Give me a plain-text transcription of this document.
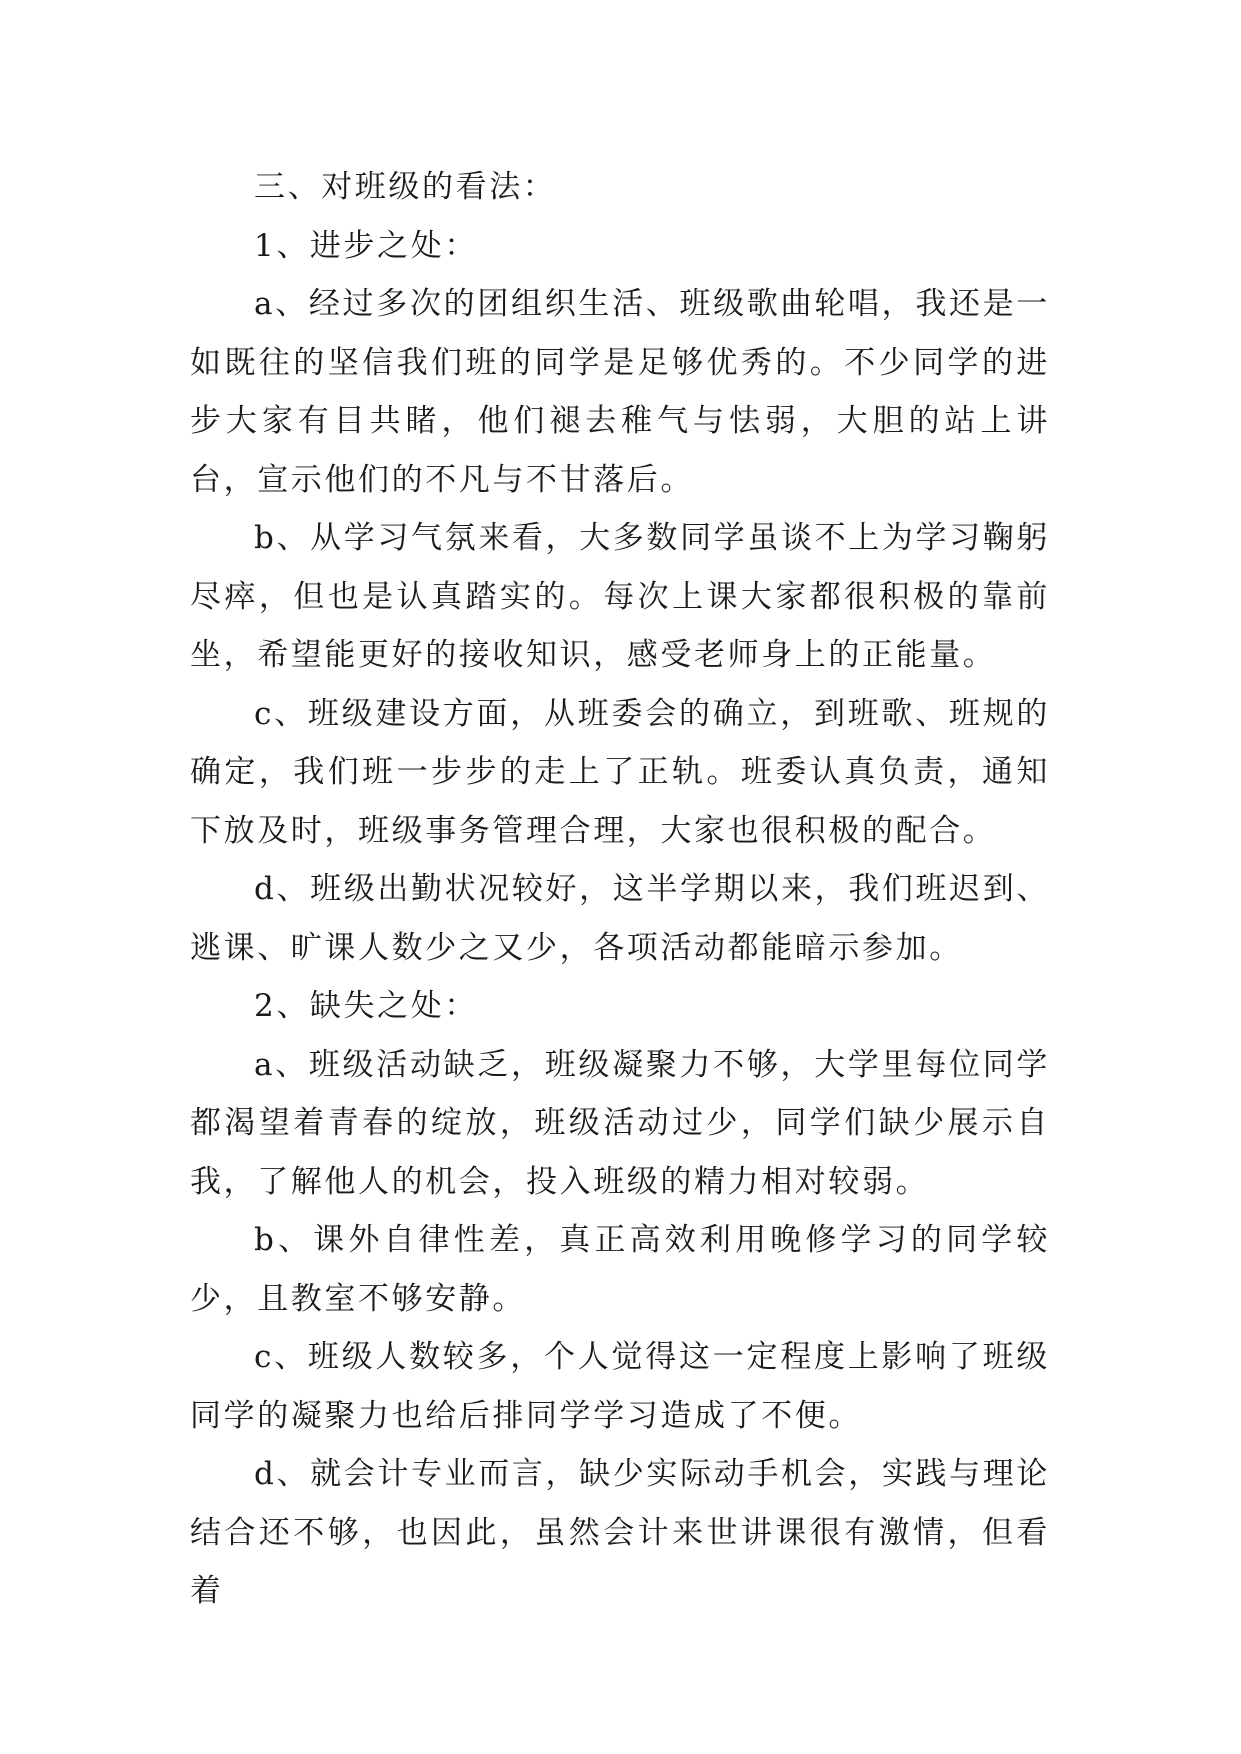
三、对班级的看法：

1、进步之处：

a、经过多次的团组织生活、班级歌曲轮唱，我还是一如既往的坚信我们班的同学是足够优秀的。不少同学的进步大家有目共睹，他们褪去稚气与怯弱，大胆的站上讲台，宣示他们的不凡与不甘落后。

b、从学习气氛来看，大多数同学虽谈不上为学习鞠躬尽瘁，但也是认真踏实的。每次上课大家都很积极的靠前坐，希望能更好的接收知识，感受老师身上的正能量。

c、班级建设方面，从班委会的确立，到班歌、班规的确定，我们班一步步的走上了正轨。班委认真负责，通知下放及时，班级事务管理合理，大家也很积极的配合。

d、班级出勤状况较好，这半学期以来，我们班迟到、逃课、旷课人数少之又少，各项活动都能暗示参加。

2、缺失之处：

a、班级活动缺乏，班级凝聚力不够，大学里每位同学都渴望着青春的绽放，班级活动过少，同学们缺少展示自我，了解他人的机会，投入班级的精力相对较弱。

b、课外自律性差，真正高效利用晚修学习的同学较少，且教室不够安静。

c、班级人数较多，个人觉得这一定程度上影响了班级同学的凝聚力也给后排同学学习造成了不便。

d、就会计专业而言，缺少实际动手机会，实践与理论结合还不够，也因此，虽然会计来世讲课很有激情，但看着
